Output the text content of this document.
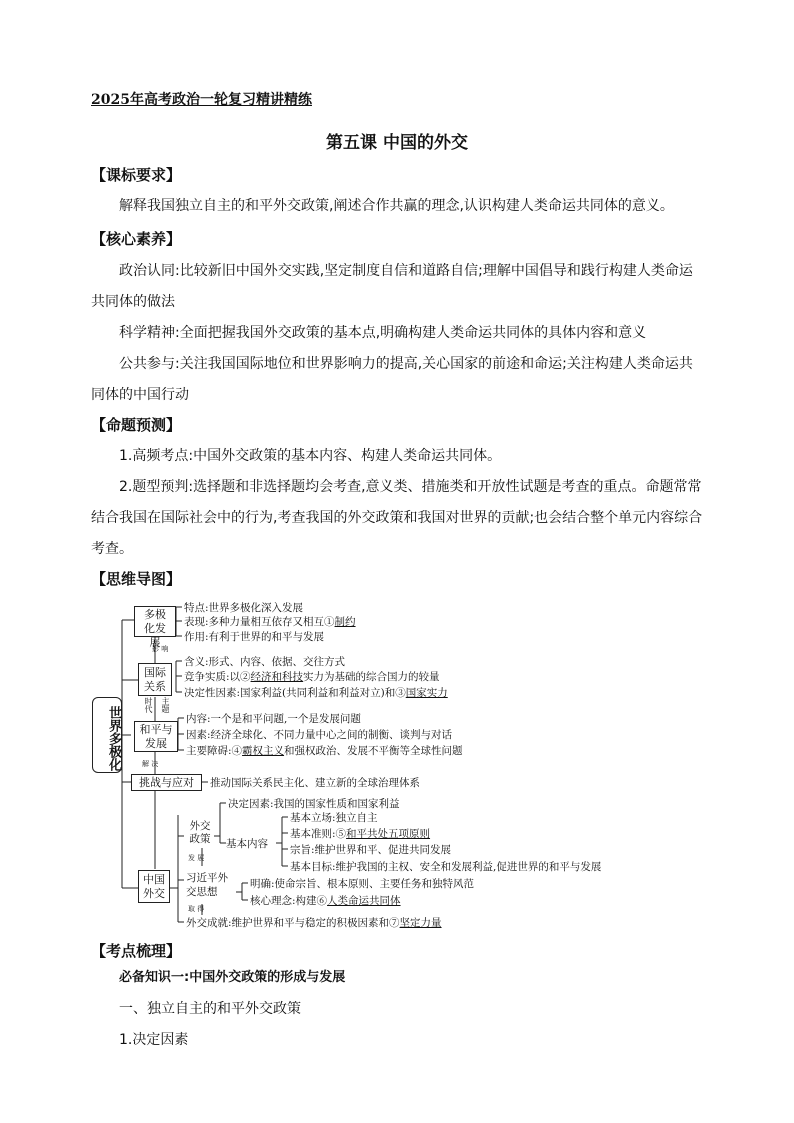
2025年高考政治一轮复习精讲精练
第五课 中国的外交
【课标要求】
解释我国独立自主的和平外交政策,阐述合作共赢的理念,认识构建人类命运共同体的意义。
【核心素养】
政治认同:比较新旧中国外交实践,坚定制度自信和道路自信;理解中国倡导和践行构建人类命运共同体的做法
科学精神:全面把握我国外交政策的基本点,明确构建人类命运共同体的具体内容和意义
公共参与:关注我国国际地位和世界影响力的提高,关心国家的前途和命运;关注构建人类命运共同体的中国行动
【命题预测】
1.高频考点:中国外交政策的基本内容、构建人类命运共同体。
2.题型预判:选择题和非选择题均会考查,意义类、措施类和开放性试题是考查的重点。命题常常结合我国在国际社会中的行为,考查我国的外交政策和我国对世界的贡献;也会结合整个单元内容综合考查。
【思维导图】
世界多极化
多极化发展
特点:世界多极化深入发展
表现:多种力量相互依存又相互①制约
作用:有利于世界的和平与发展
影 响
国际关系
含义:形式、内容、依据、交往方式
竞争实质:以②经济和科技实力为基础的综合国力的较量
决定性因素:国家利益(共同利益和利益对立)和③国家实力
时代 主题
和平与发展
内容:一个是和平问题,一个是发展问题
因素:经济全球化、不同力量中心之间的制衡、谈判与对话
主要障碍:④霸权主义和强权政治、发展不平衡等全球性问题
解 决
挑战与应对	推动国际关系民主化、建立新的全球治理体系
中国外交
外交政策
决定因素:我国的国家性质和国家利益
基本内容
基本立场:独立自主
基本准则:⑤和平共处五项原则
宗旨:维护世界和平、促进共同发展
基本目标:维护我国的主权、安全和发展利益,促进世界的和平与发展
发 展
习近平外交思想
明确:使命宗旨、根本原则、主要任务和独特风范
核心理念:构建⑥人类命运共同体
取 得
外交成就:维护世界和平与稳定的积极因素和⑦坚定力量
【考点梳理】
必备知识一:中国外交政策的形成与发展
一、独立自主的和平外交政策
1.决定因素
